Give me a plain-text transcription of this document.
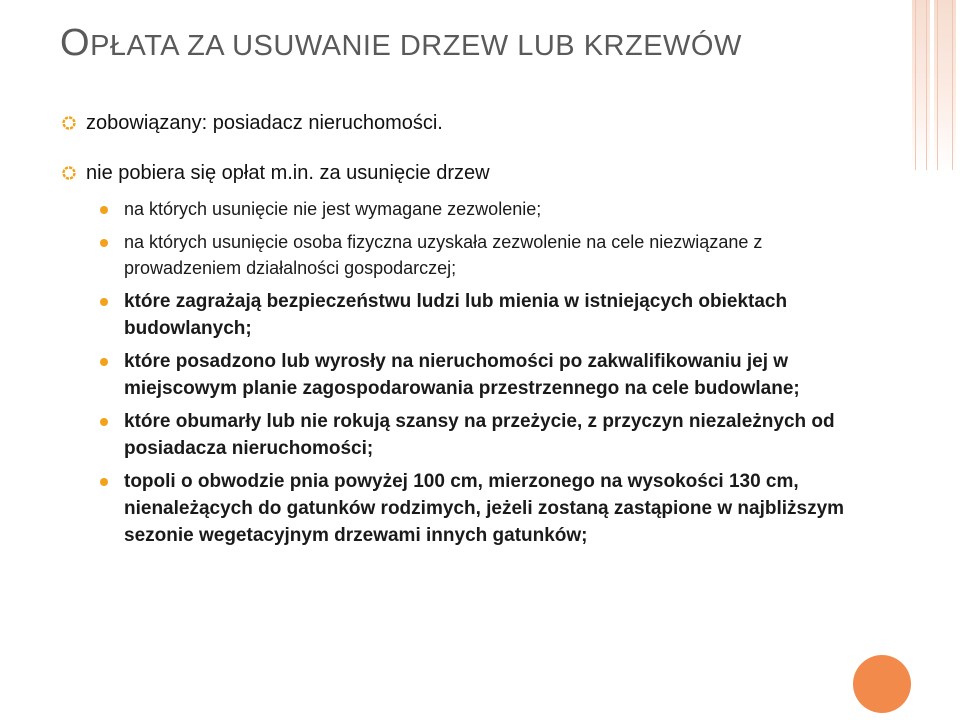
OPŁATA ZA USUWANIE DRZEW LUB KRZEWÓW
zobowiązany: posiadacz nieruchomości.
nie pobiera się opłat m.in. za usunięcie drzew
na których usunięcie nie jest wymagane zezwolenie;
na których usunięcie osoba fizyczna uzyskała zezwolenie na cele niezwiązane z prowadzeniem działalności gospodarczej;
które zagrażają bezpieczeństwu ludzi lub mienia w istniejących obiektach budowlanych;
które posadzono lub wyrosły na nieruchomości po zakwalifikowaniu jej w miejscowym planie zagospodarowania przestrzennego na cele budowlane;
które obumarły lub nie rokują szansy na przeżycie, z przyczyn niezależnych od posiadacza nieruchomości;
topoli o obwodzie pnia powyżej 100 cm, mierzonego na wysokości 130 cm, nienależących do gatunków rodzimych, jeżeli zostaną zastąpione w najbliższym sezonie wegetacyjnym drzewami innych gatunków;
